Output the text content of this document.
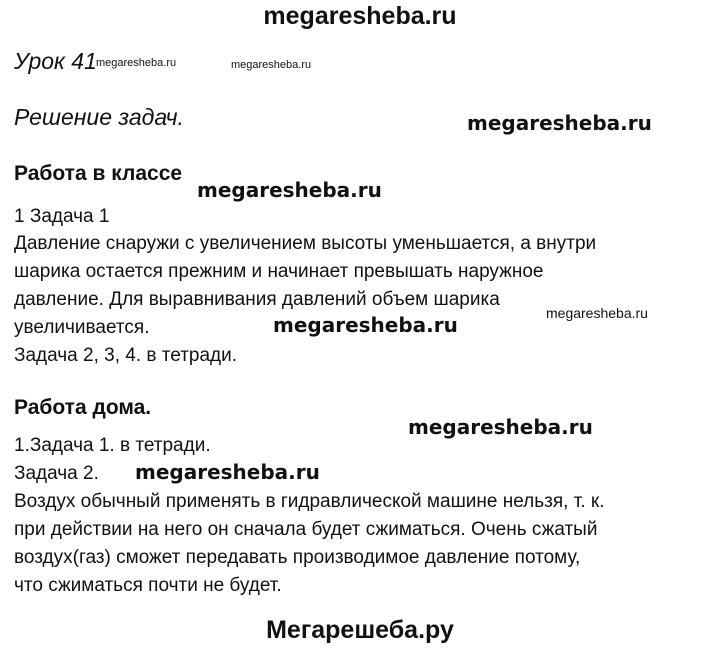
megaresheba.ru
Урок 41 megaresheba.ru	megaresheba.ru
Решение задач.	megaresheba.ru
Работа в классе
megaresheba.ru
1 Задача 1
Давление снаружи с увеличением высоты уменьшается, а внутри
шарика остается прежним и начинает превышать наружное
давление. Для выравнивания давлений объем шарика
увеличивается.
megaresheba.ru
megaresheba.ru
Задача 2, 3, 4. в тетради.
Работа дома.
1.Задача 1. в тетради.
megaresheba.ru
Задача 2. megaresheba.ru
Воздух обычный применять в гидравлической машине нельзя, т. к.
при действии на него он сначала будет сжиматься. Очень сжатый
воздух(газ) сможет передавать производимое давление потому,
что сжиматься почти не будет.
Мегарешеба.ру
